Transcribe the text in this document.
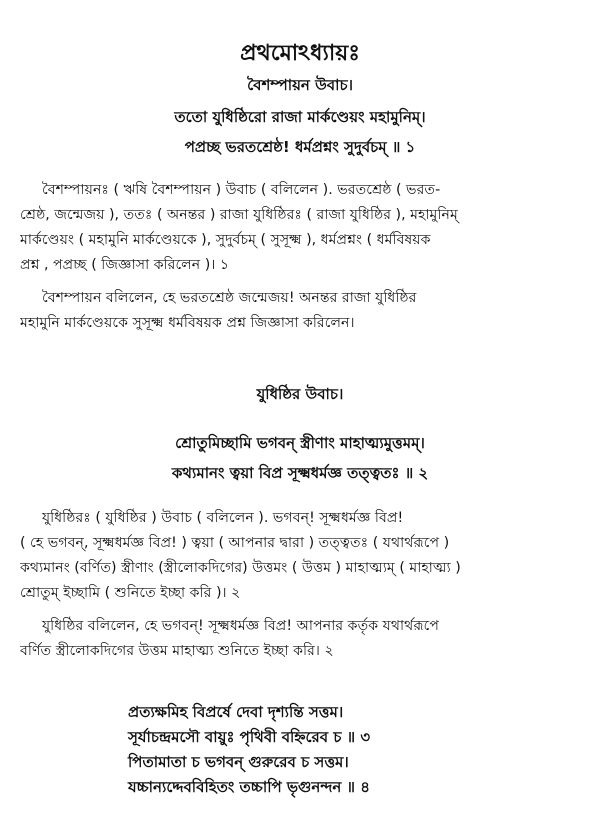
প্রথমোঽধ্যায়ঃ
বৈশম্পায়ন উবাচ।
ততো যুধিষ্ঠিরো রাজা মার্কণ্ডেয়ং মহামুনিম্।
পপ্রচ্ছ ভরতশ্রেষ্ঠ! ধর্মপ্রশ্নং সুদুর্বচম্ ॥ ১

বৈশম্পায়নঃ ( ঋষি বৈশম্পায়ন ) উবাচ ( বলিলেন ). ভরতশ্রেষ্ঠ ( ভরত-
শ্রেষ্ঠ, জন্মেজয় ), ততঃ ( অনন্তর ) রাজা যুধিষ্ঠিরঃ ( রাজা যুধিষ্ঠির ), মহামুনিম্
মার্কণ্ডেয়ং ( মহামুনি মার্কণ্ডেয়কে ), সুদুর্বচম্ ( সুসূক্ষ্ম ), ধর্মপ্রশ্নং ( ধর্মবিষয়ক
প্রশ্ন , পপ্রচ্ছ ( জিজ্ঞাসা করিলেন )। ১

বৈশম্পায়ন বলিলেন, হে ভরতশ্রেষ্ঠ জন্মেজয়! অনন্তর রাজা যুধিষ্ঠির
মহামুনি মার্কণ্ডেয়কে সুসূক্ষ্ম ধর্মবিষয়ক প্রশ্ন জিজ্ঞাসা করিলেন।

যুধিষ্ঠির উবাচ।
শ্রোতুমিচ্ছামি ভগবন্ স্ত্রীণাং মাহাত্ম্যমুত্তমম্।
কথ্যমানং ত্বয়া বিপ্র সূক্ষ্মধর্মজ্ঞ তত্ত্বতঃ ॥ ২

যুধিষ্ঠিরঃ ( যুধিষ্ঠির ) উবাচ ( বলিলেন ). ভগবন্! সূক্ষ্মধর্মজ্ঞ বিপ্র!
( হে ভগবন্, সূক্ষ্মধর্মজ্ঞ বিপ্র! ) ত্বয়া ( আপনার দ্বারা ) তত্ত্বতঃ ( যথার্থরূপে )
কথ্যমানং (বর্ণিত) স্ত্রীণাং (স্ত্রীলোকদিগের) উত্তমং ( উত্তম ) মাহাত্ম্যম্ ( মাহাত্ম্য )
শ্রোতুম্ ইচ্ছামি ( শুনিতে ইচ্ছা করি )। ২

যুধিষ্ঠির বলিলেন, হে ভগবন্! সূক্ষ্মধর্মজ্ঞ বিপ্র! আপনার কর্তৃক যথার্থরূপে
বর্ণিত স্ত্রীলোকদিগের উত্তম মাহাত্ম্য শুনিতে ইচ্ছা করি। ২

প্রত্যক্ষমিহ বিপ্রর্ষে দেবা দৃশ্যন্তি সত্তম।
সূর্যাচন্দ্রমসৌ বায়ুঃ পৃথিবী বহ্নিরেব চ ॥ ৩
পিতামাতা চ ভগবন্ গুরুরেব চ সত্তম।
যচ্চান্যদ্দেববিহিতং তচ্চাপি ভৃগুনন্দন ॥ ৪
